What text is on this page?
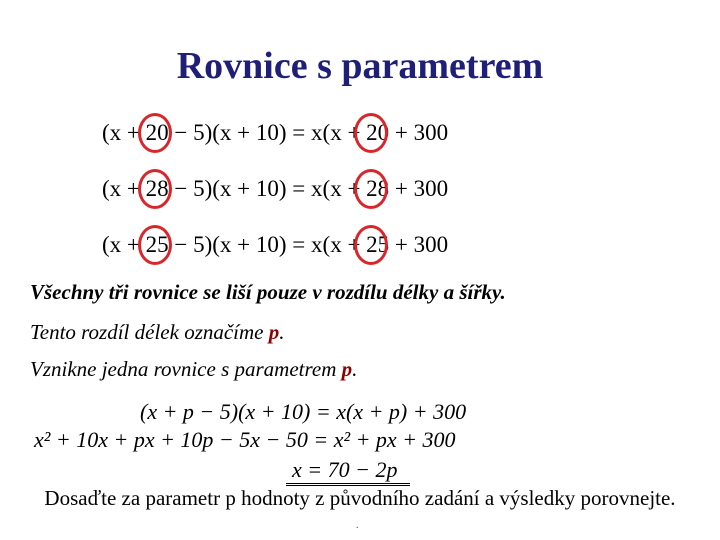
Rovnice s parametrem
(x + 20 − 5)(x + 10) = x(x + 20 + 300
(x + 28 − 5)(x + 10) = x(x + 28 + 300
(x + 25 − 5)(x + 10) = x(x + 25 + 300
Všechny tři rovnice se liší pouze v rozdílu délky a šířky.
Tento rozdíl délek označíme p.
Vznikne jedna rovnice s parametrem p.
(x + p − 5)(x + 10) = x(x + p) + 300
x² + 10x + px + 10p − 5x − 50 = x² + px + 300
x = 70 − 2p
Dosaďte za parametr p hodnoty z původního zadání a výsledky porovnejte.
.
